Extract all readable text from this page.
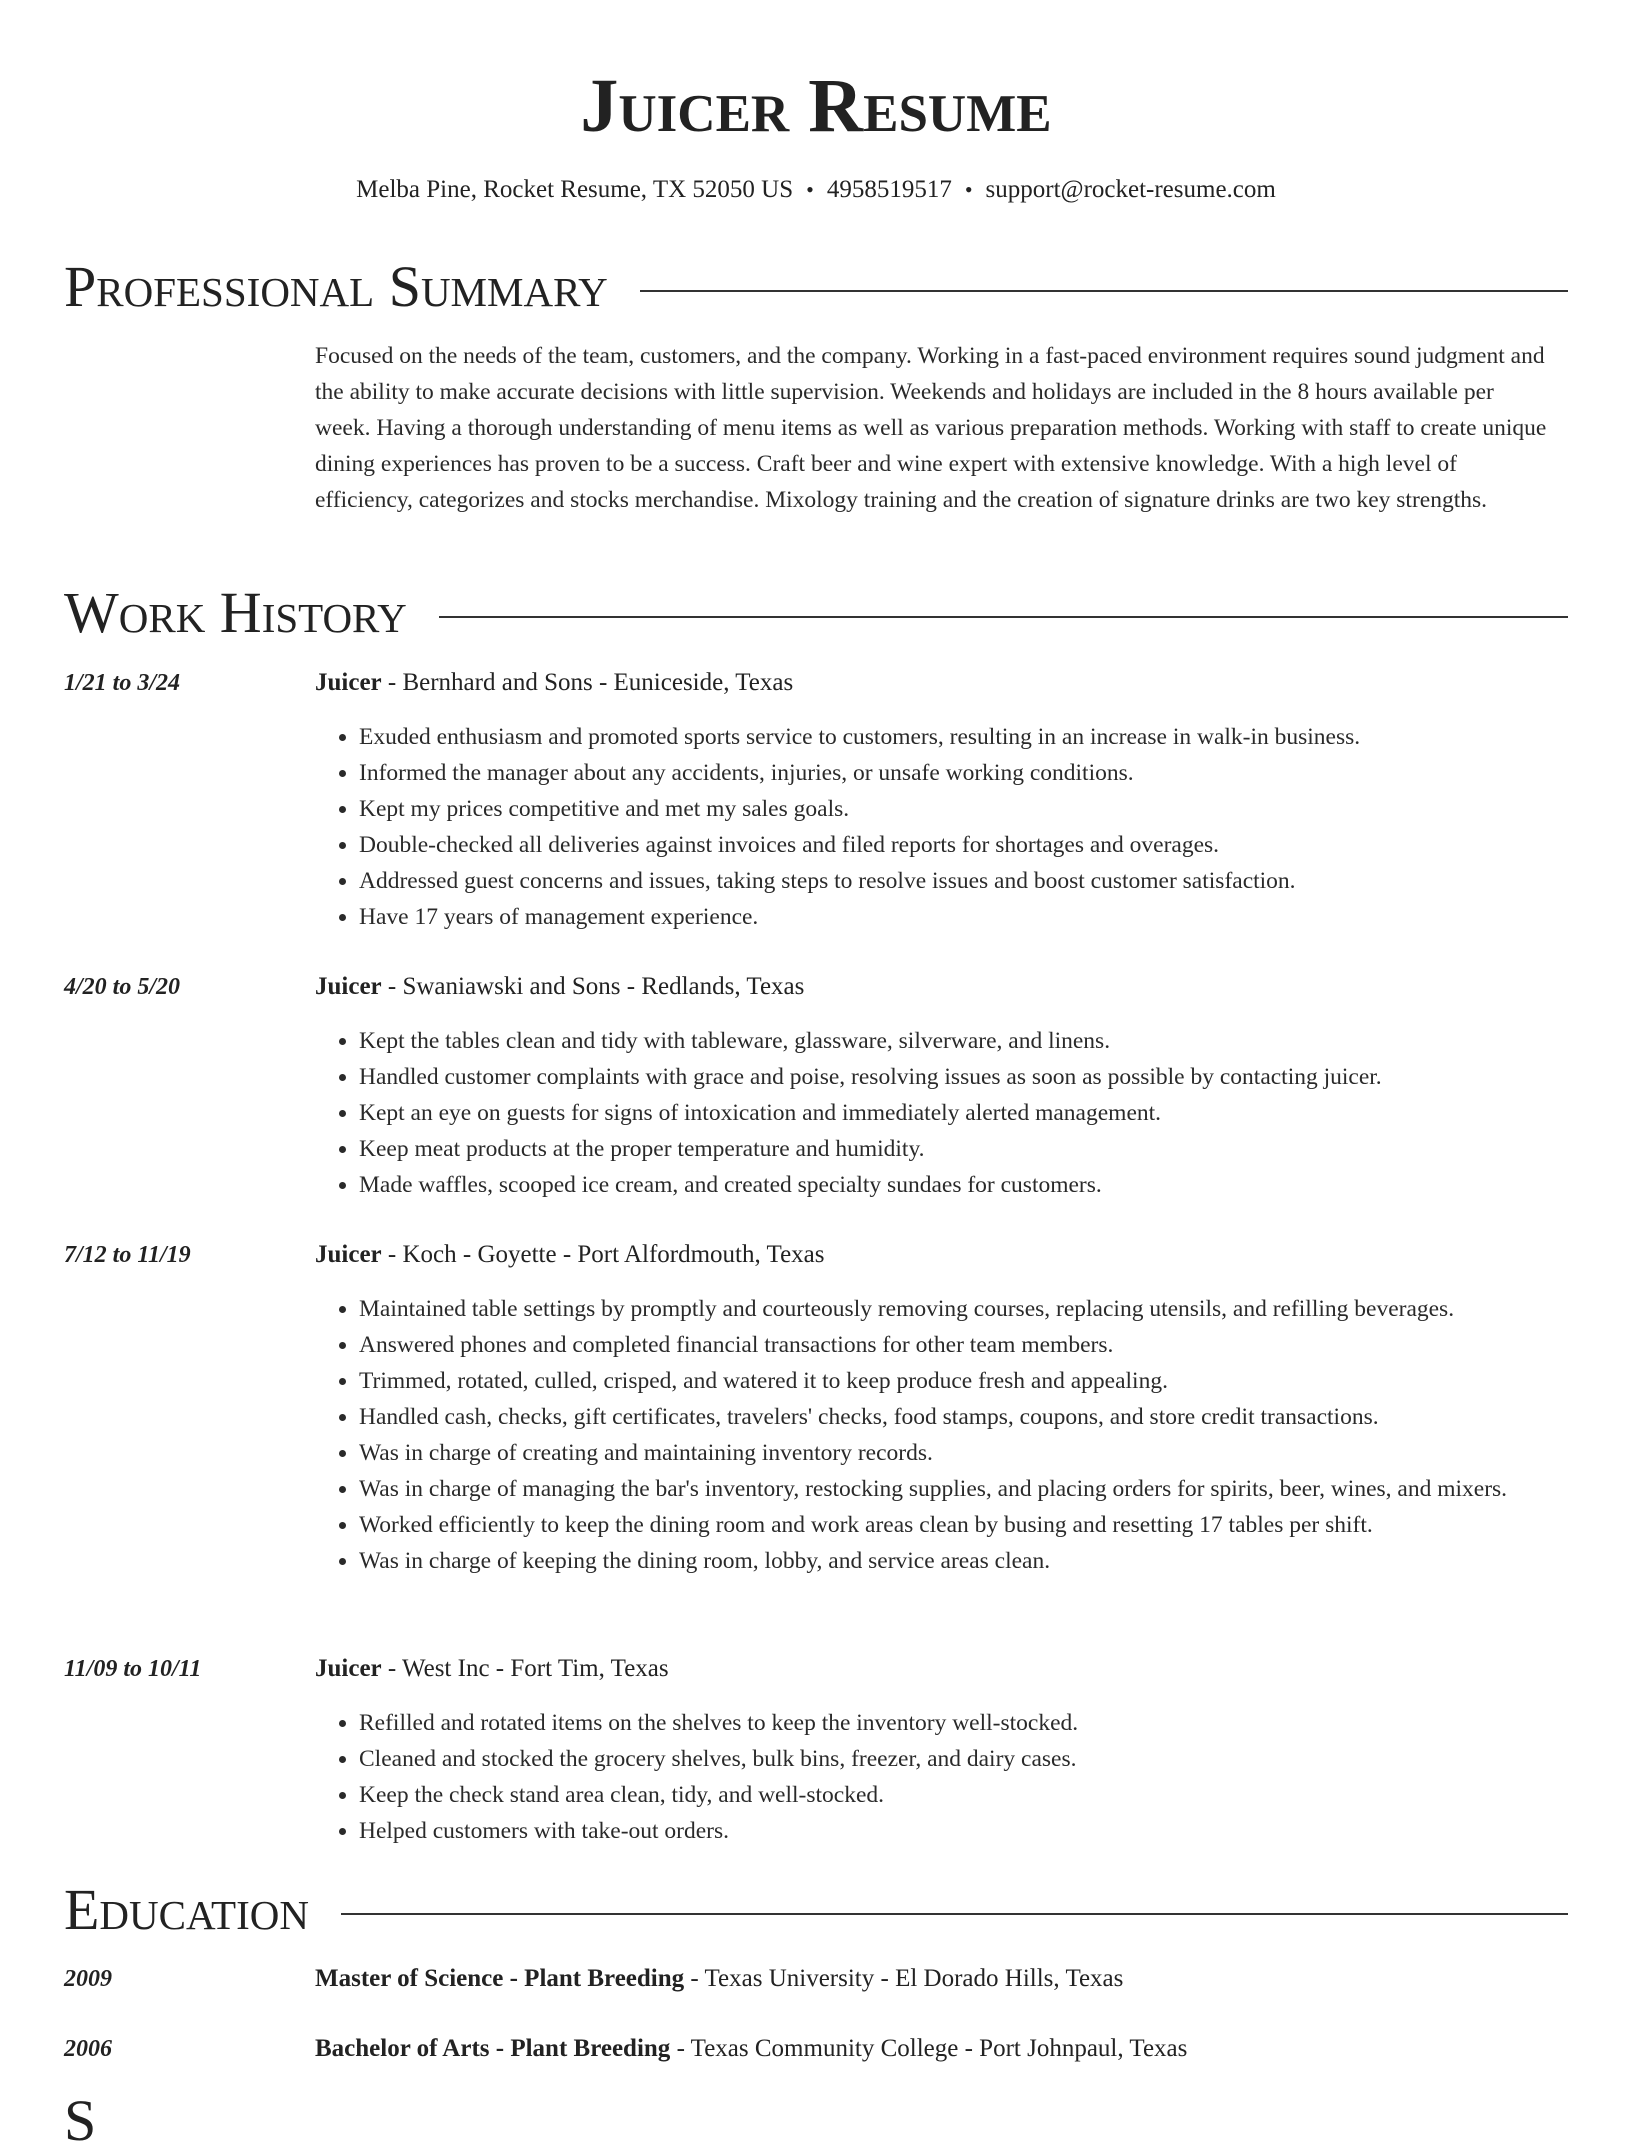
Juicer Resume
Melba Pine, Rocket Resume, TX 52050 US • 4958519517 • support@rocket-resume.com
Professional Summary

Focused on the needs of the team, customers, and the company. Working in a fast-paced environment requires sound judgment and the ability to make accurate decisions with little supervision. Weekends and holidays are included in the 8 hours available per week. Having a thorough understanding of menu items as well as various preparation methods. Working with staff to create unique dining experiences has proven to be a success. Craft beer and wine expert with extensive knowledge. With a high level of efficiency, categorizes and stocks merchandise. Mixology training and the creation of signature drinks are two key strengths.

Work History
1/21 to 3/24	Juicer - Bernhard and Sons - Euniceside, Texas
• Exuded enthusiasm and promoted sports service to customers, resulting in an increase in walk-in business.
• Informed the manager about any accidents, injuries, or unsafe working conditions.
• Kept my prices competitive and met my sales goals.
• Double-checked all deliveries against invoices and filed reports for shortages and overages.
• Addressed guest concerns and issues, taking steps to resolve issues and boost customer satisfaction.
• Have 17 years of management experience.
4/20 to 5/20	Juicer - Swaniawski and Sons - Redlands, Texas
• Kept the tables clean and tidy with tableware, glassware, silverware, and linens.
• Handled customer complaints with grace and poise, resolving issues as soon as possible by contacting juicer.
• Kept an eye on guests for signs of intoxication and immediately alerted management.
• Keep meat products at the proper temperature and humidity.
• Made waffles, scooped ice cream, and created specialty sundaes for customers.
7/12 to 11/19	Juicer - Koch - Goyette - Port Alfordmouth, Texas
• Maintained table settings by promptly and courteously removing courses, replacing utensils, and refilling beverages.
• Answered phones and completed financial transactions for other team members.
• Trimmed, rotated, culled, crisped, and watered it to keep produce fresh and appealing.
• Handled cash, checks, gift certificates, travelers' checks, food stamps, coupons, and store credit transactions.
• Was in charge of creating and maintaining inventory records.
• Was in charge of managing the bar's inventory, restocking supplies, and placing orders for spirits, beer, wines, and mixers.
• Worked efficiently to keep the dining room and work areas clean by busing and resetting 17 tables per shift.
• Was in charge of keeping the dining room, lobby, and service areas clean.
11/09 to 10/11	Juicer - West Inc - Fort Tim, Texas
• Refilled and rotated items on the shelves to keep the inventory well-stocked.
• Cleaned and stocked the grocery shelves, bulk bins, freezer, and dairy cases.
• Keep the check stand area clean, tidy, and well-stocked.
• Helped customers with take-out orders.
Education
2009	Master of Science - Plant Breeding - Texas University - El Dorado Hills, Texas
2006	Bachelor of Arts - Plant Breeding - Texas Community College - Port Johnpaul, Texas
S
